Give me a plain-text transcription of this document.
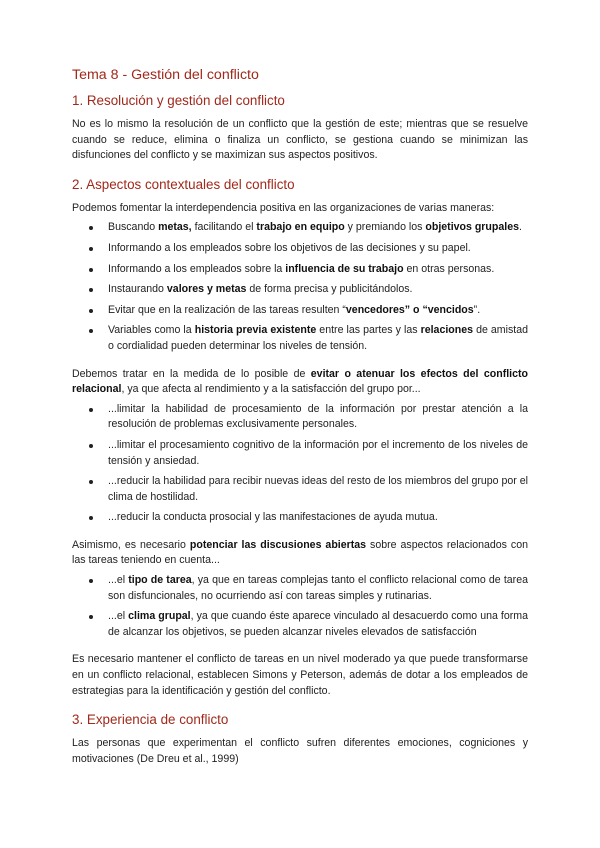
Tema 8 - Gestión del conflicto
1. Resolución y gestión del conflicto

No es lo mismo la resolución de un conflicto que la gestión de este; mientras que se resuelve cuando se reduce, elimina o finaliza un conflicto, se gestiona cuando se minimizan las disfunciones del conflicto y se maximizan sus aspectos positivos.

2. Aspectos contextuales del conflicto

Podemos fomentar la interdependencia positiva en las organizaciones de varias maneras:

Buscando metas, facilitando el trabajo en equipo y premiando los objetivos grupales.
Informando a los empleados sobre los objetivos de las decisiones y su papel.
Informando a los empleados sobre la influencia de su trabajo en otras personas.
Instaurando valores y metas de forma precisa y publicitándolos.
Evitar que en la realización de las tareas resulten “vencedores” o “vencidos”.
Variables como la historia previa existente entre las partes y las relaciones de amistad o cordialidad pueden determinar los niveles de tensión.

Debemos tratar en la medida de lo posible de evitar o atenuar los efectos del conflicto relacional, ya que afecta al rendimiento y a la satisfacción del grupo por...

...limitar la habilidad de procesamiento de la información por prestar atención a la resolución de problemas exclusivamente personales.
...limitar el procesamiento cognitivo de la información por el incremento de los niveles de tensión y ansiedad.
...reducir la habilidad para recibir nuevas ideas del resto de los miembros del grupo por el clima de hostilidad.
...reducir la conducta prosocial y las manifestaciones de ayuda mutua.

Asimismo, es necesario potenciar las discusiones abiertas sobre aspectos relacionados con las tareas teniendo en cuenta...

...el tipo de tarea, ya que en tareas complejas tanto el conflicto relacional como de tarea son disfuncionales, no ocurriendo así con tareas simples y rutinarias.
...el clima grupal, ya que cuando éste aparece vinculado al desacuerdo como una forma de alcanzar los objetivos, se pueden alcanzar niveles elevados de satisfacción

Es necesario mantener el conflicto de tareas en un nivel moderado ya que puede transformarse en un conflicto relacional, establecen Simons y Peterson, además de dotar a los empleados de estrategias para la identificación y gestión del conflicto.

3. Experiencia de conflicto

Las personas que experimentan el conflicto sufren diferentes emociones, cogniciones y motivaciones (De Dreu et al., 1999)
